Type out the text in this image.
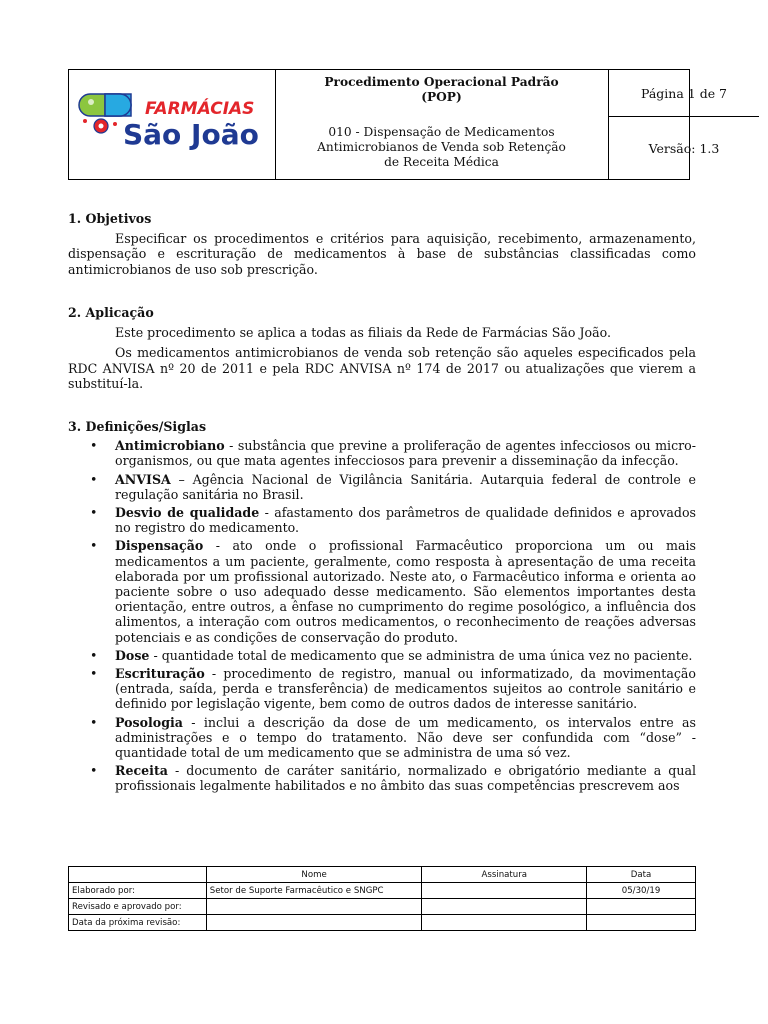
FARMÁCIAS
São João
Procedimento Operacional Padrão
(POP)
010 - Dispensação de Medicamentos
Antimicrobianos de Venda sob Retenção
de Receita Médica
Página 1 de 7
Versão: 1.3
1. Objetivos

Especificar os procedimentos e critérios para aquisição, recebimento, armazenamento, dispensação e escrituração de medicamentos à base de substâncias classificadas como antimicrobianos de uso sob prescrição.

2. Aplicação

Este procedimento se aplica a todas as filiais da Rede de Farmácias São João.

Os medicamentos antimicrobianos de venda sob retenção são aqueles especificados pela RDC ANVISA nº 20 de 2011 e pela RDC ANVISA nº 174 de 2017 ou atualizações que vierem a substituí-la.

3. Definições/Siglas
• Antimicrobiano - substância que previne a proliferação de agentes infecciosos ou micro-organismos, ou que mata agentes infecciosos para prevenir a disseminação da infecção.
• ANVISA – Agência Nacional de Vigilância Sanitária. Autarquia federal de controle e regulação sanitária no Brasil.
• Desvio de qualidade - afastamento dos parâmetros de qualidade definidos e aprovados no registro do medicamento.
• Dispensação - ato onde o profissional Farmacêutico proporciona um ou mais medicamentos a um paciente, geralmente, como resposta à apresentação de uma receita elaborada por um profissional autorizado. Neste ato, o Farmacêutico informa e orienta ao paciente sobre o uso adequado desse medicamento. São elementos importantes desta orientação, entre outros, a ênfase no cumprimento do regime posológico, a influência dos alimentos, a interação com outros medicamentos, o reconhecimento de reações adversas potenciais e as condições de conservação do produto.
• Dose - quantidade total de medicamento que se administra de uma única vez no paciente.
• Escrituração - procedimento de registro, manual ou informatizado, da movimentação (entrada, saída, perda e transferência) de medicamentos sujeitos ao controle sanitário e definido por legislação vigente, bem como de outros dados de interesse sanitário.
• Posologia - inclui a descrição da dose de um medicamento, os intervalos entre as administrações e o tempo do tratamento. Não deve ser confundida com “dose” - quantidade total de um medicamento que se administra de uma só vez.
• Receita - documento de caráter sanitário, normalizado e obrigatório mediante a qual profissionais legalmente habilitados e no âmbito das suas competências prescrevem aos
	Nome	Assinatura	Data
Elaborado por:	Setor de Suporte Farmacêutico e SNGPC		05/30/19
Revisado e aprovado por:			
Data da próxima revisão:			
